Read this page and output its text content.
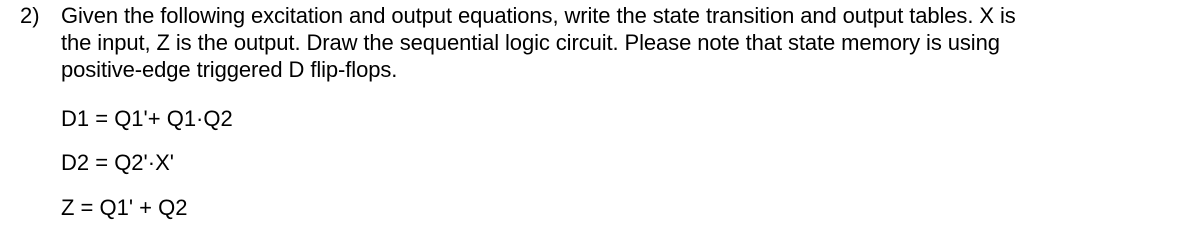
2) Given the following excitation and output equations, write the state transition and output tables. X is
the input, Z is the output. Draw the sequential logic circuit. Please note that state memory is using
positive-edge triggered D flip-flops.
D1 = Q1'+ Q1·Q2
D2 = Q2'·X'
Z = Q1' + Q2
